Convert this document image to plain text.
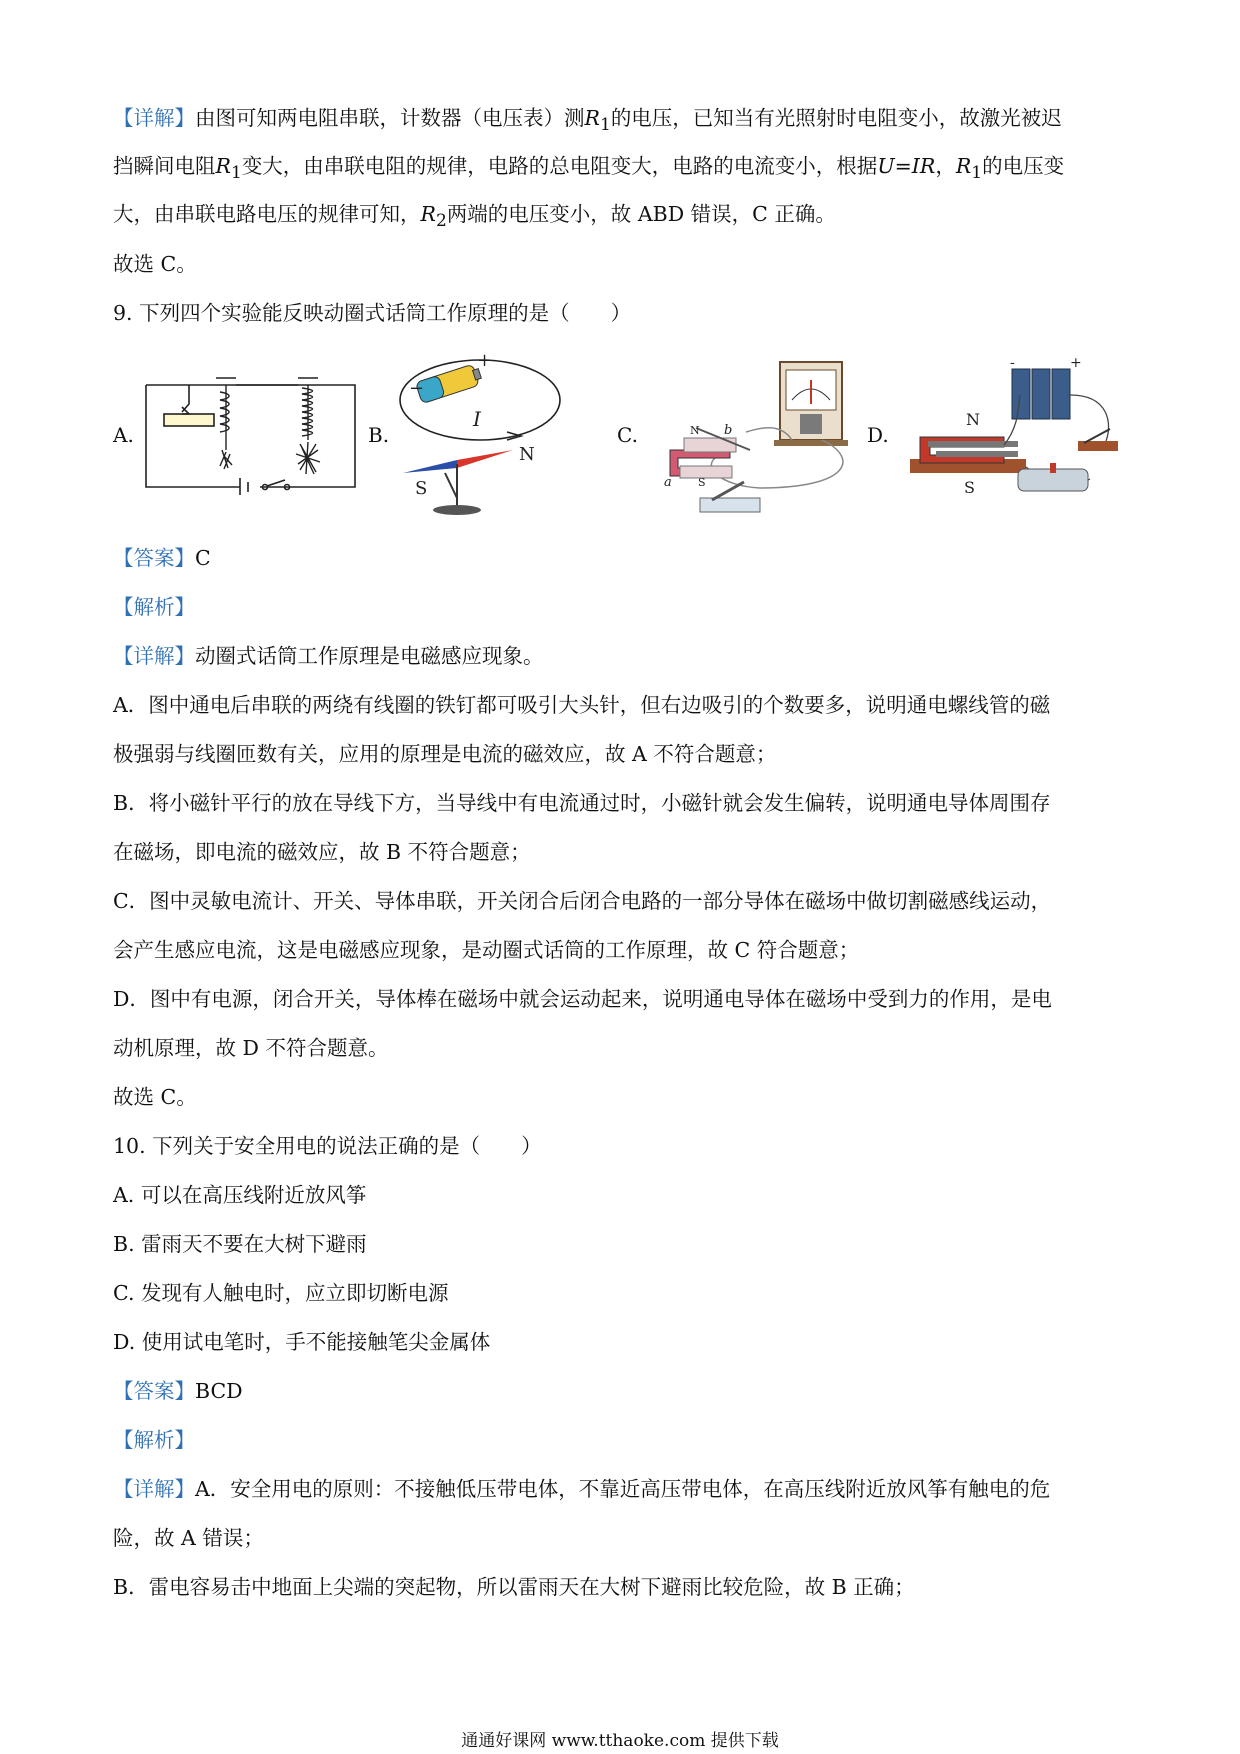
【详解】由图可知两电阻串联，计数器（电压表）测$R_1$的电压，已知当有光照射时电阻变小，故激光被迟
挡瞬间电阻$R_1$变大，由串联电阻的规律，电路的总电阻变大，电路的电流变小，根据U=IR，$R_1$的电压变
大，由串联电路电压的规律可知，$R_2$两端的电压变小，故 ABD 错误，C 正确。
故选 C。
9. 下列四个实验能反映动圈式话筒工作原理的是（　　）
A.	B.
+
−
I
N
S
C.	N
S
a
b	D.
-	+
N
S
【答案】C
【解析】
【详解】动圈式话筒工作原理是电磁感应现象。
A．图中通电后串联的两绕有线圈的铁钉都可吸引大头针，但右边吸引的个数要多，说明通电螺线管的磁
极强弱与线圈匝数有关，应用的原理是电流的磁效应，故 A 不符合题意；
B．将小磁针平行的放在导线下方，当导线中有电流通过时，小磁针就会发生偏转，说明通电导体周围存
在磁场，即电流的磁效应，故 B 不符合题意；
C．图中灵敏电流计、开关、导体串联，开关闭合后闭合电路的一部分导体在磁场中做切割磁感线运动，
会产生感应电流，这是电磁感应现象，是动圈式话筒的工作原理，故 C 符合题意；
D．图中有电源，闭合开关，导体棒在磁场中就会运动起来，说明通电导体在磁场中受到力的作用，是电
动机原理，故 D 不符合题意。
故选 C。
10. 下列关于安全用电的说法正确的是（　　）
A. 可以在高压线附近放风筝
B. 雷雨天不要在大树下避雨
C. 发现有人触电时，应立即切断电源
D. 使用试电笔时，手不能接触笔尖金属体
【答案】BCD
【解析】
【详解】A．安全用电的原则：不接触低压带电体，不靠近高压带电体，在高压线附近放风筝有触电的危
险，故 A 错误；
B．雷电容易击中地面上尖端的突起物，所以雷雨天在大树下避雨比较危险，故 B 正确；
通通好课网 www.tthaoke.com 提供下载
